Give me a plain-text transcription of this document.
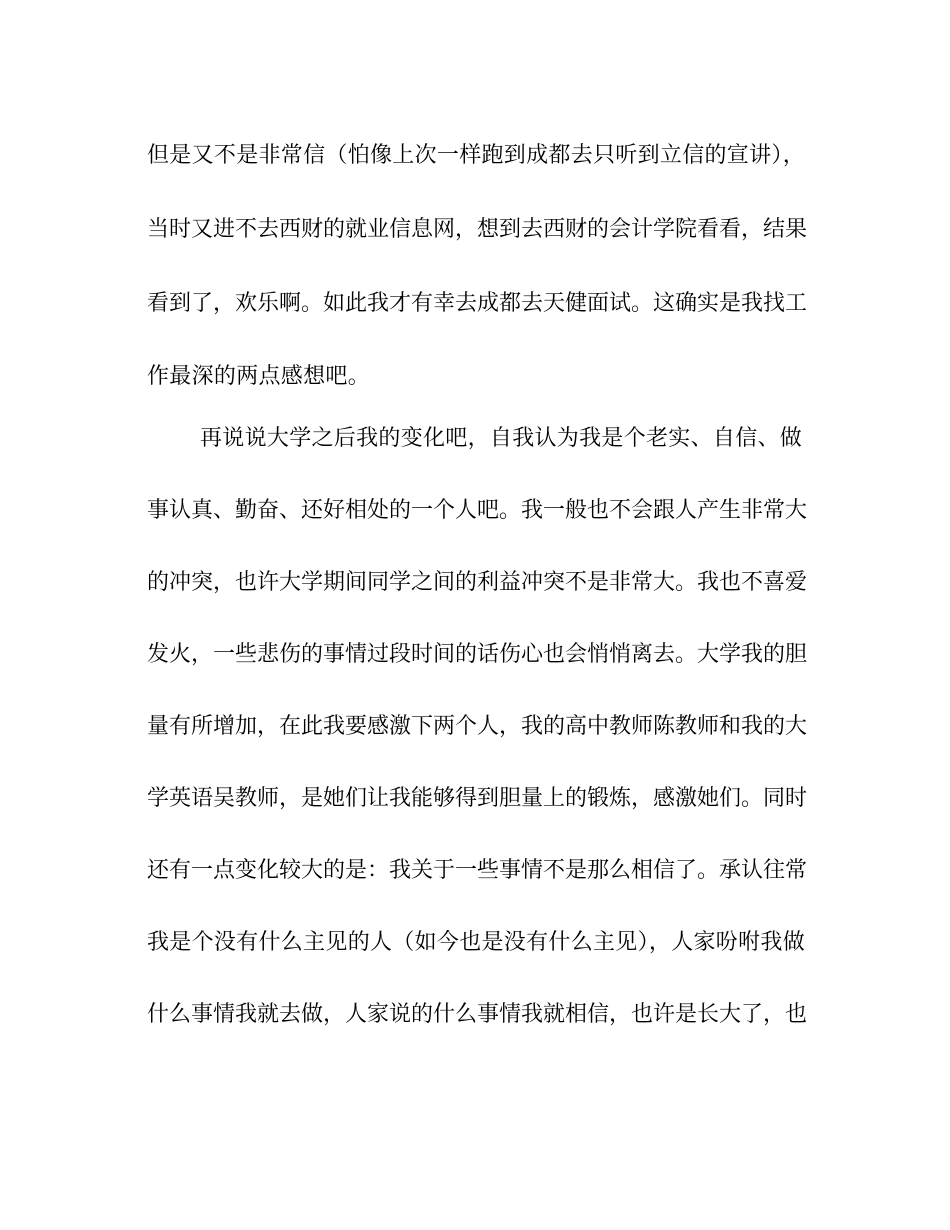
但是又不是非常信（怕像上次一样跑到成都去只听到立信的宣讲），
当时又进不去西财的就业信息网，想到去西财的会计学院看看，结果
看到了，欢乐啊。如此我才有幸去成都去天健面试。这确实是我找工
作最深的两点感想吧。
再说说大学之后我的变化吧，自我认为我是个老实、自信、做
事认真、勤奋、还好相处的一个人吧。我一般也不会跟人产生非常大
的冲突，也许大学期间同学之间的利益冲突不是非常大。我也不喜爱
发火，一些悲伤的事情过段时间的话伤心也会悄悄离去。大学我的胆
量有所增加，在此我要感激下两个人，我的高中教师陈教师和我的大
学英语吴教师，是她们让我能够得到胆量上的锻炼，感激她们。同时
还有一点变化较大的是：我关于一些事情不是那么相信了。承认往常
我是个没有什么主见的人（如今也是没有什么主见），人家吩咐我做
什么事情我就去做，人家说的什么事情我就相信，也许是长大了，也
